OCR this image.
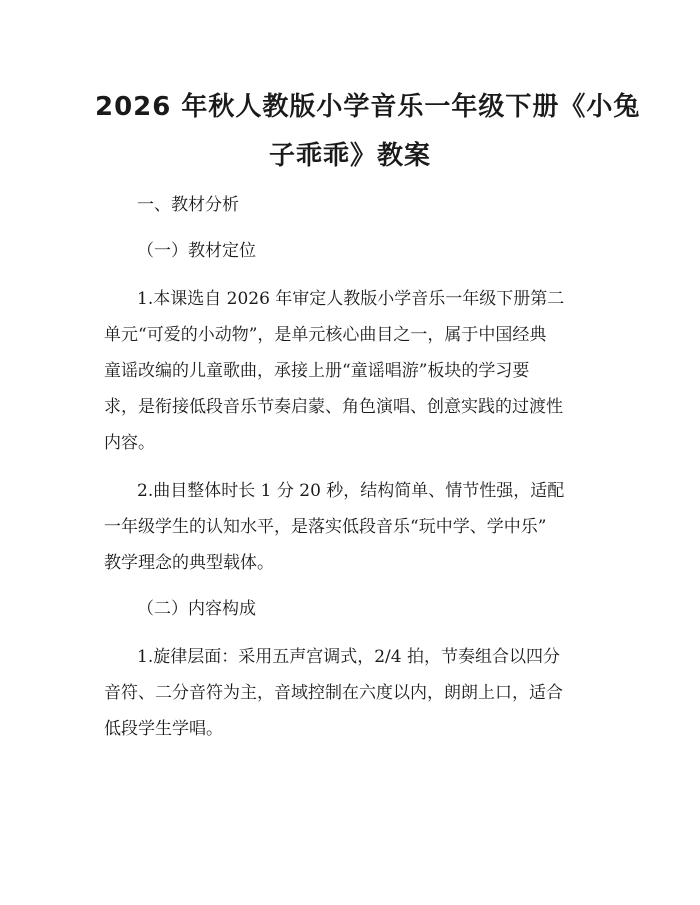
2026 年秋人教版小学音乐一年级下册《小兔
子乖乖》教案
一、教材分析
（一）教材定位
1.本课选自 2026 年审定人教版小学音乐一年级下册第二
单元“可爱的小动物”，是单元核心曲目之一，属于中国经典
童谣改编的儿童歌曲，承接上册“童谣唱游”板块的学习要
求，是衔接低段音乐节奏启蒙、角色演唱、创意实践的过渡性
内容。
2.曲目整体时长 1 分 20 秒，结构简单、情节性强，适配
一年级学生的认知水平，是落实低段音乐“玩中学、学中乐”
教学理念的典型载体。
（二）内容构成
1.旋律层面：采用五声宫调式，2/4 拍，节奏组合以四分
音符、二分音符为主，音域控制在六度以内，朗朗上口，适合
低段学生学唱。
